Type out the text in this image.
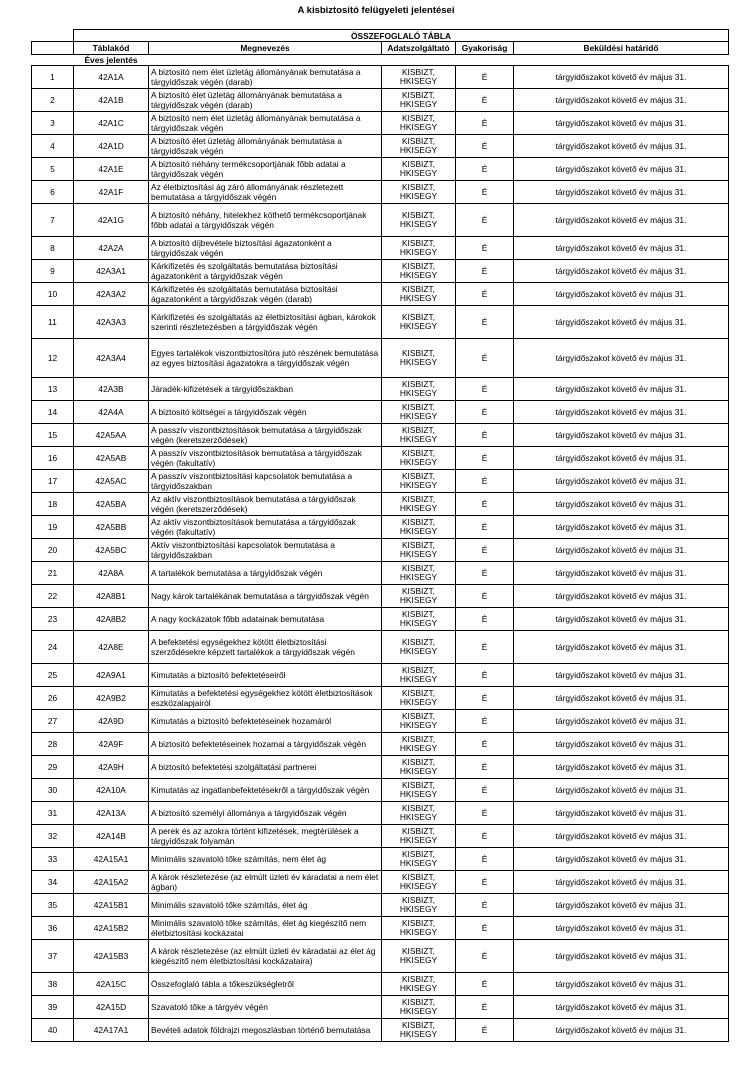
A kisbiztosító felügyeleti jelentései
	ÖSSZEFOGLALÓ TÁBLA				
	Táblakód	Megnevezés	Adatszolgáltató	Gyakoriság	Beküldési határidő
	Éves jelentés				
1	42A1A	A biztosító nem élet üzletág állományának bemutatása a tárgyidőszak végén (darab)	KISBIZT,
HKISEGY	É	tárgyidőszakot követő év május 31.
2	42A1B	A biztosító élet üzletág állományának bemutatása a tárgyidőszak végén (darab)	KISBIZT,
HKISEGY	É	tárgyidőszakot követő év május 31.
3	42A1C	A biztosító nem élet üzletág állományának bemutatása a tárgyidőszak végén	KISBIZT,
HKISEGY	É	tárgyidőszakot követő év május 31.
4	42A1D	A biztosító élet üzletág állományának bemutatása a tárgyidőszak végén	KISBIZT,
HKISEGY	É	tárgyidőszakot követő év május 31.
5	42A1E	A biztosító néhány termékcsoportjának főbb adatai a tárgyidőszak végén	KISBIZT,
HKISEGY	É	tárgyidőszakot követő év május 31.
6	42A1F	Az életbiztosítási ág záró állományának részletezett bemutatása a tárgyidőszak végén	KISBIZT,
HKISEGY	É	tárgyidőszakot követő év május 31.
7	42A1G	A biztosító néhány, hitelekhez köthető termékcsoportjának főbb adatai a tárgyidőszak végén	KISBIZT,
HKISEGY	É	tárgyidőszakot követő év május 31.
8	42A2A	A biztosító díjbevétele biztosítási ágazatonként a tárgyidőszak végén	KISBIZT,
HKISEGY	É	tárgyidőszakot követő év május 31.
9	42A3A1	Kárkifizetés és szolgáltatás bemutatása biztosítási ágazatonként a tárgyidőszak végén	KISBIZT,
HKISEGY	É	tárgyidőszakot követő év május 31.
10	42A3A2	Kárkifizetés és szolgáltatás bemutatása biztosítási ágazatonként a tárgyidőszak végén (darab)	KISBIZT,
HKISEGY	É	tárgyidőszakot követő év május 31.
11	42A3A3	Kárkifizetés és szolgáltatás az életbiztosítási ágban, károkok szerinti részletezésben a tárgyidőszak végén	KISBIZT,
HKISEGY	É	tárgyidőszakot követő év május 31.
12	42A3A4	Egyes tartalékok viszontbiztosítóra jutó részének bemutatása az egyes biztosítási ágazatokra a tárgyidőszak végén	KISBIZT,
HKISEGY	É	tárgyidőszakot követő év május 31.
13	42A3B	Járadék-kifizetések a tárgyidőszakban	KISBIZT,
HKISEGY	É	tárgyidőszakot követő év május 31.
14	42A4A	A biztosító költségei a tárgyidőszak végén	KISBIZT,
HKISEGY	É	tárgyidőszakot követő év május 31.
15	42A5AA	A passzív viszontbiztosítások bemutatása a tárgyidőszak végén (keretszerződések)	KISBIZT,
HKISEGY	É	tárgyidőszakot követő év május 31.
16	42A5AB	A passzív viszontbiztosítások bemutatása a tárgyidőszak végén (fakultatív)	KISBIZT,
HKISEGY	É	tárgyidőszakot követő év május 31.
17	42A5AC	A passzív viszontbiztosítási kapcsolatok bemutatása a tárgyidőszakban	KISBIZT,
HKISEGY	É	tárgyidőszakot követő év május 31.
18	42A5BA	Az aktív viszontbiztosítások bemutatása a tárgyidőszak végén (keretszerződések)	KISBIZT,
HKISEGY	É	tárgyidőszakot követő év május 31.
19	42A5BB	Az aktív viszontbiztosítások bemutatása a tárgyidőszak végén (fakultatív)	KISBIZT,
HKISEGY	É	tárgyidőszakot követő év május 31.
20	42A5BC	Aktív viszontbiztosítási kapcsolatok bemutatása a tárgyidőszakban	KISBIZT,
HKISEGY	É	tárgyidőszakot követő év május 31.
21	42A8A	A tartalékok bemutatása a tárgyidőszak végén	KISBIZT,
HKISEGY	É	tárgyidőszakot követő év május 31.
22	42A8B1	Nagy károk tartalékának bemutatása a tárgyidőszak végén	KISBIZT,
HKISEGY	É	tárgyidőszakot követő év május 31.
23	42A8B2	A nagy kockázatok főbb adatainak bemutatása	KISBIZT,
HKISEGY	É	tárgyidőszakot követő év május 31.
24	42A8E	A befektetési egységekhez kötött életbiztosítási szerződésekre képzett tartalékok a tárgyidőszak végén	KISBIZT,
HKISEGY	É	tárgyidőszakot követő év május 31.
25	42A9A1	Kimutatás a biztosító befektetéseiről	KISBIZT,
HKISEGY	É	tárgyidőszakot követő év május 31.
26	42A9B2	Kimutatás a befektetési egységekhez kötött életbiztosítások eszközalapjairól	KISBIZT,
HKISEGY	É	tárgyidőszakot követő év május 31.
27	42A9D	Kimutatás a biztosító befektetéseinek hozamáról	KISBIZT,
HKISEGY	É	tárgyidőszakot követő év május 31.
28	42A9F	A biztosító befektetéseinek hozamai a tárgyidőszak végén	KISBIZT,
HKISEGY	É	tárgyidőszakot követő év május 31.
29	42A9H	A biztosító befektetési szolgáltatási partnerei	KISBIZT,
HKISEGY	É	tárgyidőszakot követő év május 31.
30	42A10A	Kimutatás az ingatlanbefektetésekről a tárgyidőszak végén	KISBIZT,
HKISEGY	É	tárgyidőszakot követő év május 31.
31	42A13A	A biztosító személyi állománya a tárgyidőszak végén	KISBIZT,
HKISEGY	É	tárgyidőszakot követő év május 31.
32	42A14B	A perek és az azokra történt kifizetések, megtérülések a tárgyidőszak folyamán	KISBIZT,
HKISEGY	É	tárgyidőszakot követő év május 31.
33	42A15A1	Minimális szavatoló tőke számítás, nem élet ág	KISBIZT,
HKISEGY	É	tárgyidőszakot követő év május 31.
34	42A15A2	A károk részletezése (az elmúlt üzleti év káradatai a nem élet ágban)	KISBIZT,
HKISEGY	É	tárgyidőszakot követő év május 31.
35	42A15B1	Minimális szavatoló tőke számítás, élet ág	KISBIZT,
HKISEGY	É	tárgyidőszakot követő év május 31.
36	42A15B2	Minimális szavatoló tőke számítás, élet ág kiegészítő nem életbiztosítási kockázatai	KISBIZT,
HKISEGY	É	tárgyidőszakot követő év május 31.
37	42A15B3	A károk részletezése (az elmúlt üzleti év káradatai az élet ág kiegészítő nem életbiztosítási kockázataira)	KISBIZT,
HKISEGY	É	tárgyidőszakot követő év május 31.
38	42A15C	Összefoglaló tábla a tőkeszükségletről	KISBIZT,
HKISEGY	É	tárgyidőszakot követő év május 31.
39	42A15D	Szavatoló tőke a tárgyév végén	KISBIZT,
HKISEGY	É	tárgyidőszakot követő év május 31.
40	42A17A1	Bevételi adatok földrajzi megoszlásban történő bemutatása	KISBIZT,
HKISEGY	É	tárgyidőszakot követő év május 31.
